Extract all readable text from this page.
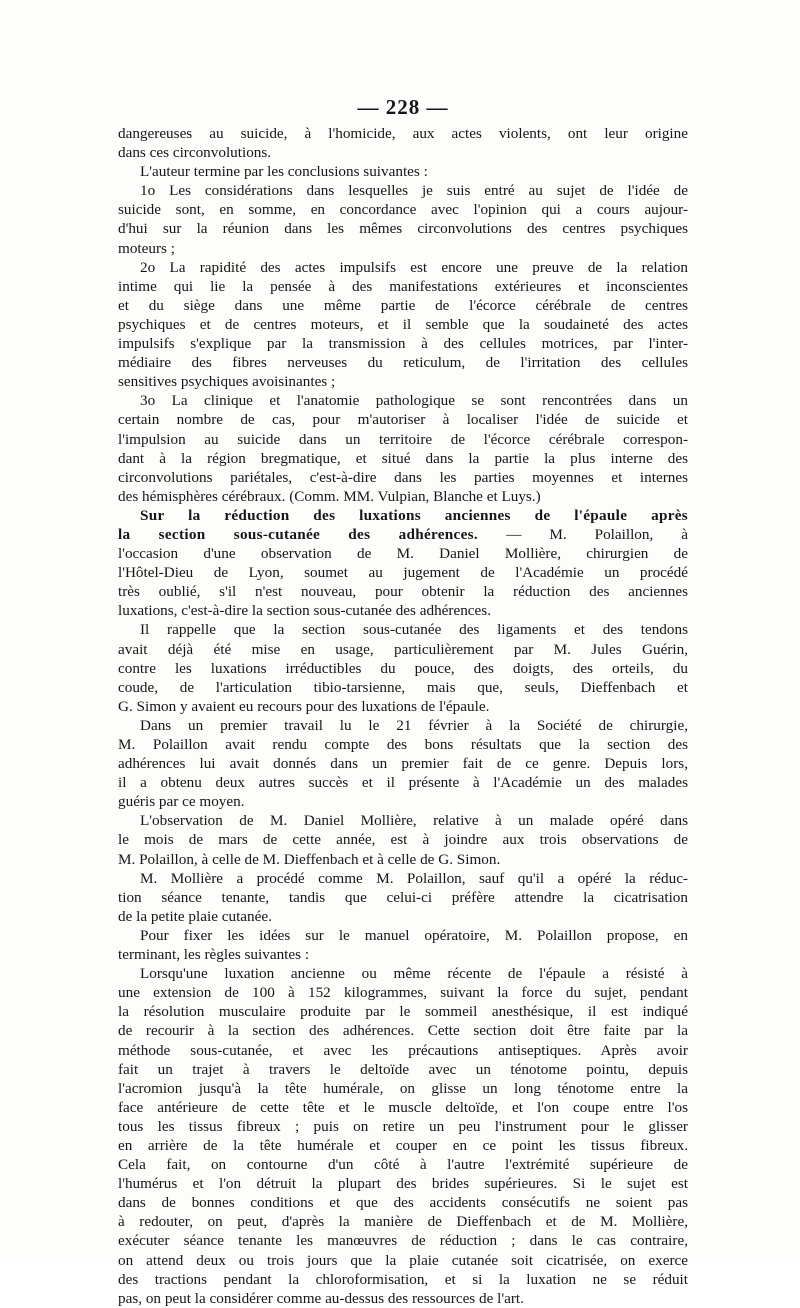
— 228 —
dangereuses au suicide, à l'homicide, aux actes violents, ont leur origine
dans ces circonvolutions.
L'auteur termine par les conclusions suivantes :
1o Les considérations dans lesquelles je suis entré au sujet de l'idée de
suicide sont, en somme, en concordance avec l'opinion qui a cours aujour-
d'hui sur la réunion dans les mêmes circonvolutions des centres psychiques
moteurs ;
2o La rapidité des actes impulsifs est encore une preuve de la relation
intime qui lie la pensée à des manifestations extérieures et inconscientes
et du siège dans une même partie de l'écorce cérébrale de centres
psychiques et de centres moteurs, et il semble que la soudaineté des actes
impulsifs s'explique par la transmission à des cellules motrices, par l'inter-
médiaire des fibres nerveuses du reticulum, de l'irritation des cellules
sensitives psychiques avoisinantes ;
3o La clinique et l'anatomie pathologique se sont rencontrées dans un
certain nombre de cas, pour m'autoriser à localiser l'idée de suicide et
l'impulsion au suicide dans un territoire de l'écorce cérébrale correspon-
dant à la région bregmatique, et situé dans la partie la plus interne des
circonvolutions pariétales, c'est-à-dire dans les parties moyennes et internes
des hémisphères cérébraux. (Comm. MM. Vulpian, Blanche et Luys.)
Sur la réduction des luxations anciennes de l'épaule après
la section sous-cutanée des adhérences. — M. Polaillon, à
l'occasion d'une observation de M. Daniel Mollière, chirurgien de
l'Hôtel-Dieu de Lyon, soumet au jugement de l'Académie un procédé
très oublié, s'il n'est nouveau, pour obtenir la réduction des anciennes
luxations, c'est-à-dire la section sous-cutanée des adhérences.
Il rappelle que la section sous-cutanée des ligaments et des tendons
avait déjà été mise en usage, particulièrement par M. Jules Guérin,
contre les luxations irréductibles du pouce, des doigts, des orteils, du
coude, de l'articulation tibio-tarsienne, mais que, seuls, Dieffenbach et
G. Simon y avaient eu recours pour des luxations de l'épaule.
Dans un premier travail lu le 21 février à la Société de chirurgie,
M. Polaillon avait rendu compte des bons résultats que la section des
adhérences lui avait donnés dans un premier fait de ce genre. Depuis lors,
il a obtenu deux autres succès et il présente à l'Académie un des malades
guéris par ce moyen.
L'observation de M. Daniel Mollière, relative à un malade opéré dans
le mois de mars de cette année, est à joindre aux trois observations de
M. Polaillon, à celle de M. Dieffenbach et à celle de G. Simon.
M. Mollière a procédé comme M. Polaillon, sauf qu'il a opéré la réduc-
tion séance tenante, tandis que celui-ci préfère attendre la cicatrisation
de la petite plaie cutanée.
Pour fixer les idées sur le manuel opératoire, M. Polaillon propose, en
terminant, les règles suivantes :
Lorsqu'une luxation ancienne ou même récente de l'épaule a résisté à
une extension de 100 à 152 kilogrammes, suivant la force du sujet, pendant
la résolution musculaire produite par le sommeil anesthésique, il est indiqué
de recourir à la section des adhérences. Cette section doit être faite par la
méthode sous-cutanée, et avec les précautions antiseptiques. Après avoir
fait un trajet à travers le deltoïde avec un ténotome pointu, depuis
l'acromion jusqu'à la tête humérale, on glisse un long ténotome entre la
face antérieure de cette tête et le muscle deltoïde, et l'on coupe entre l'os
tous les tissus fibreux ; puis on retire un peu l'instrument pour le glisser
en arrière de la tête humérale et couper en ce point les tissus fibreux.
Cela fait, on contourne d'un côté à l'autre l'extrémité supérieure de
l'humérus et l'on détruit la plupart des brides supérieures. Si le sujet est
dans de bonnes conditions et que des accidents consécutifs ne soient pas
à redouter, on peut, d'après la manière de Dieffenbach et de M. Mollière,
exécuter séance tenante les manœuvres de réduction ; dans le cas contraire,
on attend deux ou trois jours que la plaie cutanée soit cicatrisée, on exerce
des tractions pendant la chloroformisation, et si la luxation ne se réduit
pas, on peut la considérer comme au-dessus des ressources de l'art.
